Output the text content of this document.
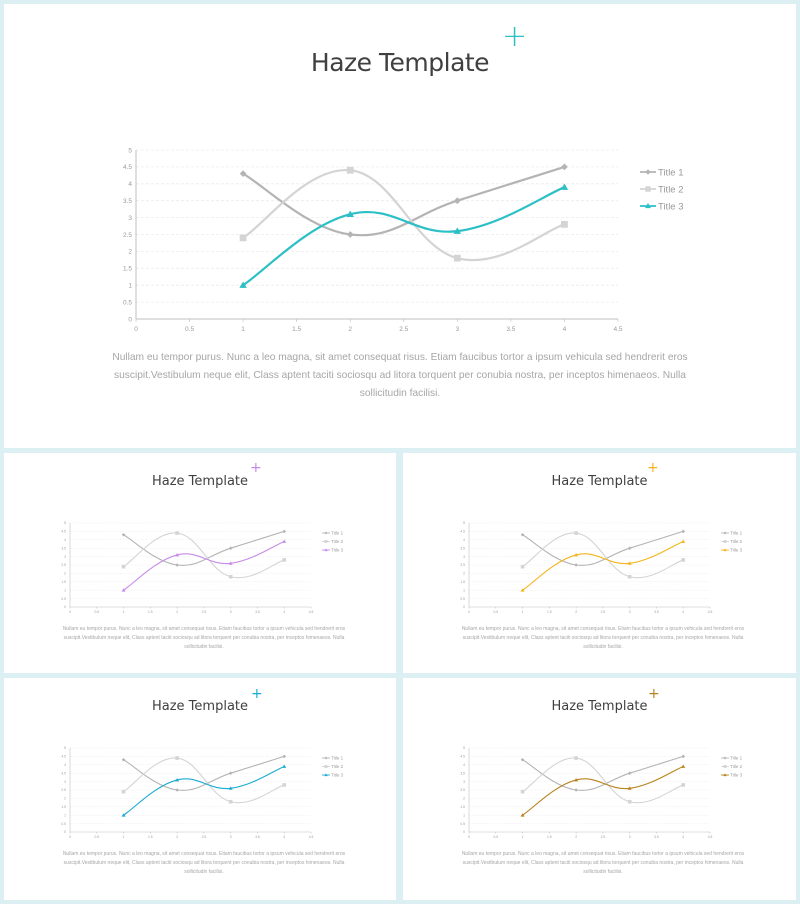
Haze Template
+
0
0.5
1
1.5
2
2.5
3
3.5
4
4.5
5
0	0.5	1	1.5	2	2.5	3	3.5	4	4.5
Title 1
Title 2
Title 3
Nullam eu tempor purus. Nunc a leo magna, sit amet consequat risus. Etiam faucibus tortor a ipsum vehicula sed hendrerit eros suscipit.Vestibulum neque elit, Class aptent taciti sociosqu ad litora torquent per conubia nostra, per inceptos himenaeos. Nulla sollicitudin facilisi.
Haze Template
+
0
0.5
1
1.5
2
2.5
3
3.5
4
4.5
5
0	0.5	1	1.5	2	2.5	3	3.5	4	4.5
Title 1
Title 2
Title 3
Nullam eu tempor purus. Nunc a leo magna, sit amet consequat risus. Etiam faucibus tortor a ipsum vehicula sed hendrerit eros suscipit.Vestibulum neque elit, Class aptent taciti sociosqu ad litora torquent per conubia nostra, per inceptos himenaeos. Nulla sollicitudin facilisi.
Haze Template
+
0
0.5
1
1.5
2
2.5
3
3.5
4
4.5
5
0	0.5	1	1.5	2	2.5	3	3.5	4	4.5
Title 1
Title 2
Title 3
Nullam eu tempor purus. Nunc a leo magna, sit amet consequat risus. Etiam faucibus tortor a ipsum vehicula sed hendrerit eros suscipit.Vestibulum neque elit, Class aptent taciti sociosqu ad litora torquent per conubia nostra, per inceptos himenaeos. Nulla sollicitudin facilisi.
Haze Template
+
0
0.5
1
1.5
2
2.5
3
3.5
4
4.5
5
0	0.5	1	1.5	2	2.5	3	3.5	4	4.5
Title 1
Title 2
Title 3
Nullam eu tempor purus. Nunc a leo magna, sit amet consequat risus. Etiam faucibus tortor a ipsum vehicula sed hendrerit eros suscipit.Vestibulum neque elit, Class aptent taciti sociosqu ad litora torquent per conubia nostra, per inceptos himenaeos. Nulla sollicitudin facilisi.
Haze Template
+
0
0.5
1
1.5
2
2.5
3
3.5
4
4.5
5
0	0.5	1	1.5	2	2.5	3	3.5	4	4.5
Title 1
Title 2
Title 3
Nullam eu tempor purus. Nunc a leo magna, sit amet consequat risus. Etiam faucibus tortor a ipsum vehicula sed hendrerit eros suscipit.Vestibulum neque elit, Class aptent taciti sociosqu ad litora torquent per conubia nostra, per inceptos himenaeos. Nulla sollicitudin facilisi.
